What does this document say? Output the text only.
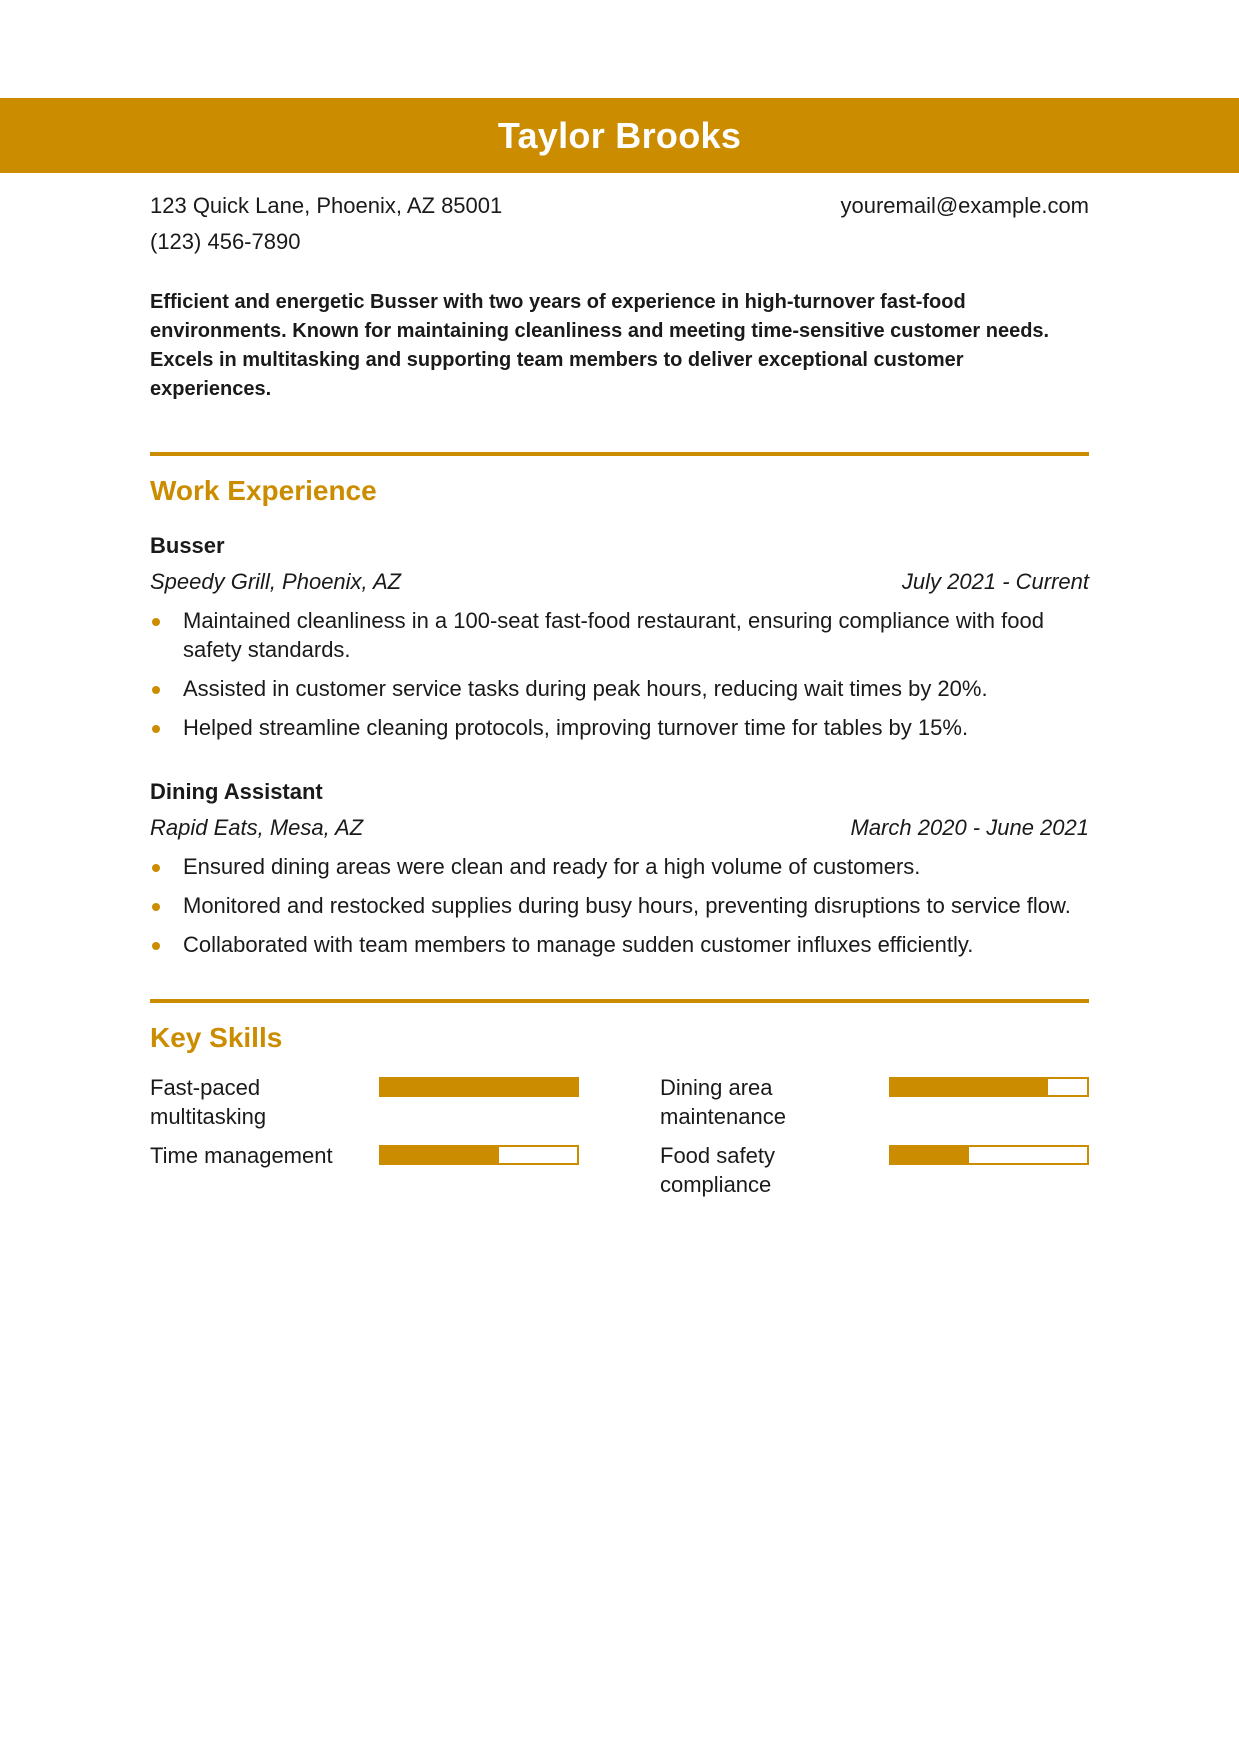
Taylor Brooks
123 Quick Lane, Phoenix, AZ 85001	youremail@example.com
(123) 456-7890

Efficient and energetic Busser with two years of experience in high-turnover fast-food environments. Known for maintaining cleanliness and meeting time-sensitive customer needs. Excels in multitasking and supporting team members to deliver exceptional customer experiences.

Work Experience
Busser
Speedy Grill, Phoenix, AZ	July 2021 - Current
Maintained cleanliness in a 100-seat fast-food restaurant, ensuring compliance with food safety standards.
Assisted in customer service tasks during peak hours, reducing wait times by 20%.
Helped streamline cleaning protocols, improving turnover time for tables by 15%.
Dining Assistant
Rapid Eats, Mesa, AZ	March 2020 - June 2021
Ensured dining areas were clean and ready for a high volume of customers.
Monitored and restocked supplies during busy hours, preventing disruptions to service flow.
Collaborated with team members to manage sudden customer influxes efficiently.
Key Skills
Fast-paced multitasking
Dining area maintenance
Time management	Food safety compliance
